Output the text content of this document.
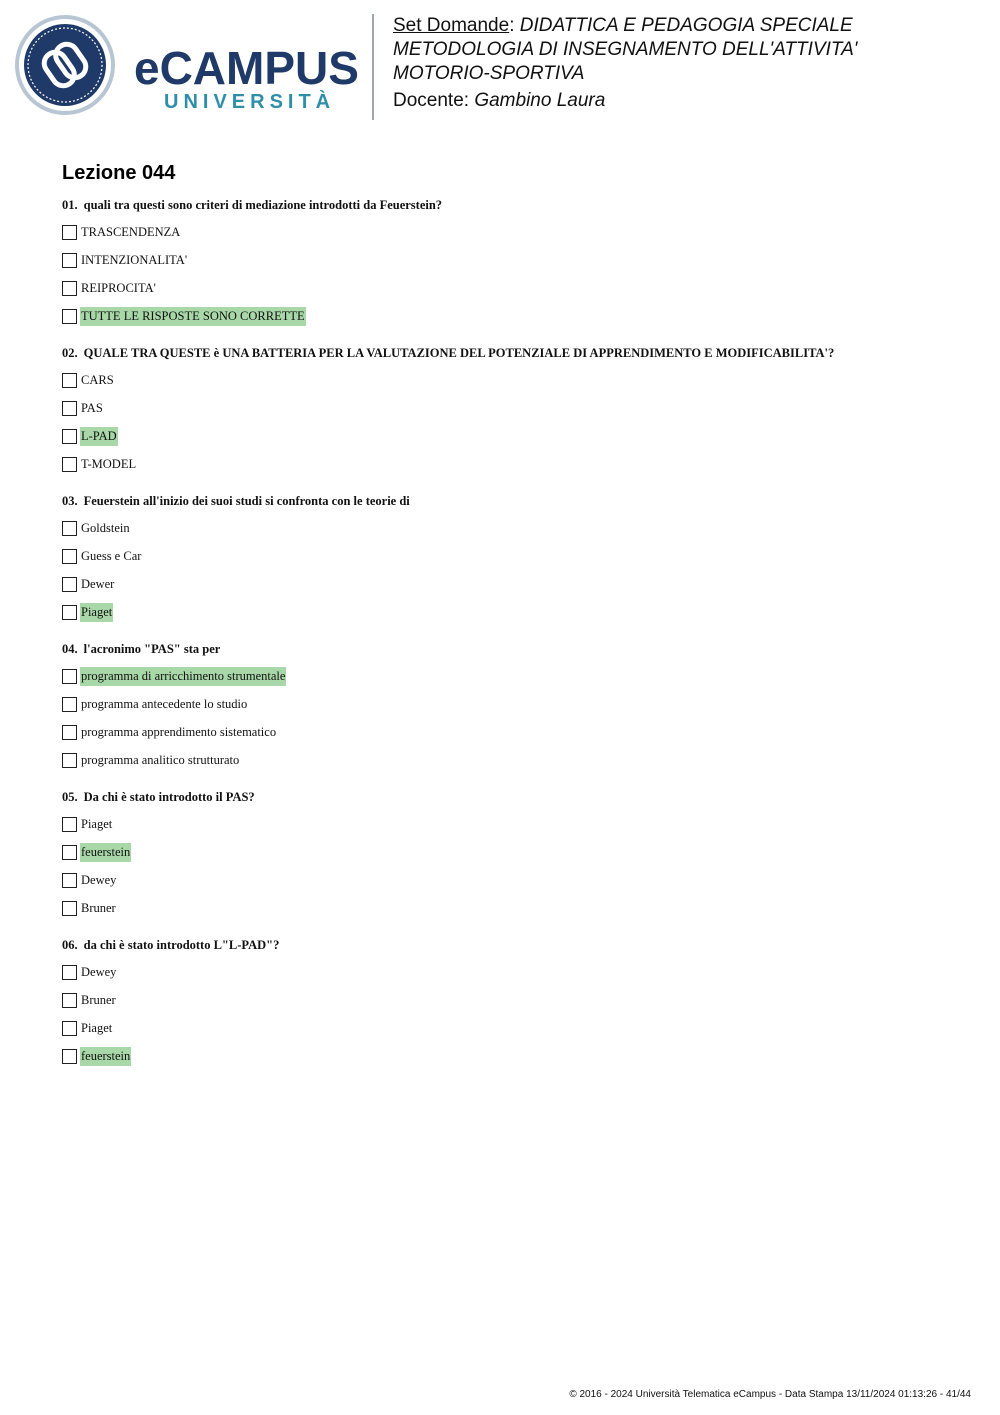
eCAMPUS
UNIVERSITÀ
Set Domande: DIDATTICA E PEDAGOGIA SPECIALE
METODOLOGIA DI INSEGNAMENTO DELL'ATTIVITA'
MOTORIO-SPORTIVA
Docente: Gambino Laura
Lezione 044
01. quali tra questi sono criteri di mediazione introdotti da Feuerstein?
TRASCENDENZA
INTENZIONALITA'
REIPROCITA'
TUTTE LE RISPOSTE SONO CORRETTE
02. QUALE TRA QUESTE è UNA BATTERIA PER LA VALUTAZIONE DEL POTENZIALE DI APPRENDIMENTO E MODIFICABILITA'?
CARS
PAS
L-PAD
T-MODEL
03. Feuerstein all'inizio dei suoi studi si confronta con le teorie di
Goldstein
Guess e Car
Dewer
Piaget
04. l'acronimo "PAS" sta per
programma di arricchimento strumentale
programma antecedente lo studio
programma apprendimento sistematico
programma analitico strutturato
05. Da chi è stato introdotto il PAS?
Piaget
feuerstein
Dewey
Bruner
06. da chi è stato introdotto L"L-PAD"?
Dewey
Bruner
Piaget
feuerstein
© 2016 - 2024 Università Telematica eCampus - Data Stampa 13/11/2024 01:13:26 - 41/44
